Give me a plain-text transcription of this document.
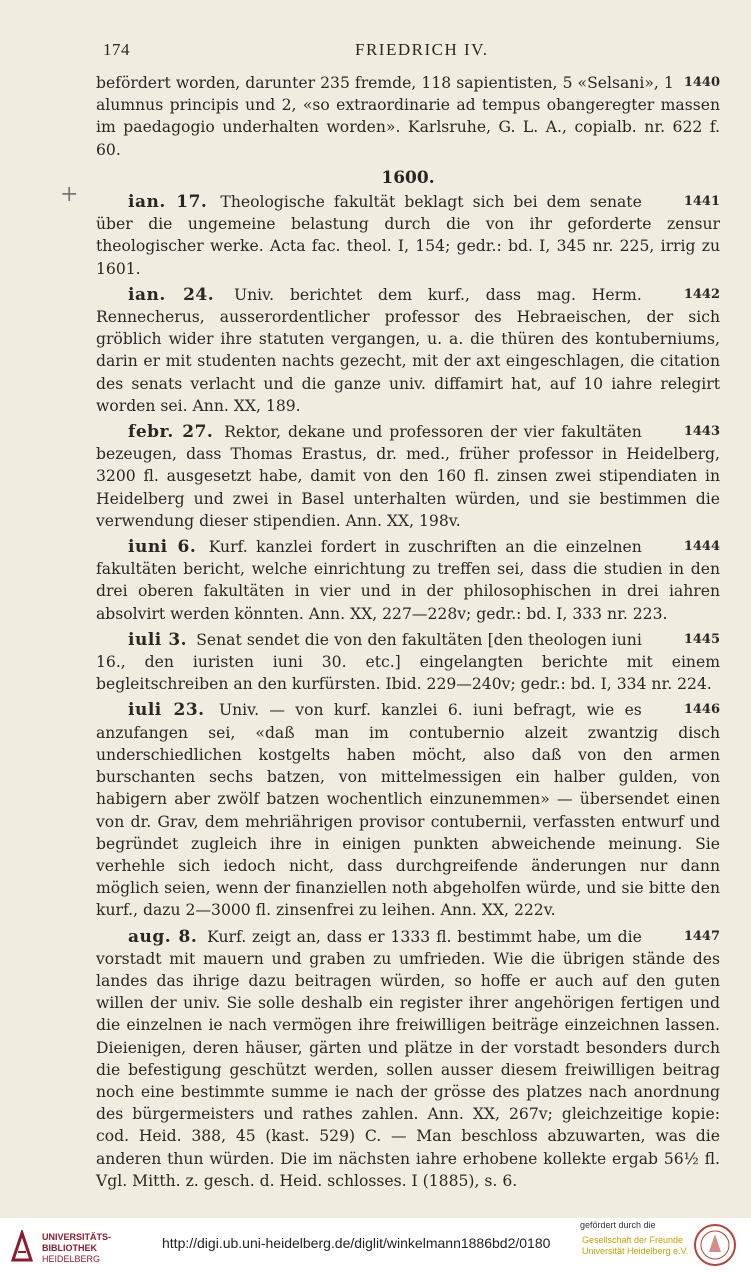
174	FRIEDRICH IV.
+

1440
befördert worden, darunter 235 fremde, 118 sapientisten, 5 «Selsani», 1 alumnus principis und 2, «so extraordinarie ad tempus obangeregter massen im paedagogio underhalten worden». Karlsruhe, G. L. A., copialb. nr. 622 f. 60.

1600.

1441
ian. 17. Theologische fakultät beklagt sich bei dem senate über die ungemeine belastung durch die von ihr geforderte zensur theologischer werke. Acta fac. theol. I, 154; gedr.: bd. I, 345 nr. 225, irrig zu 1601.

1442
ian. 24. Univ. berichtet dem kurf., dass mag. Herm. Rennecherus, ausserordentlicher professor des Hebraeischen, der sich gröblich wider ihre statuten vergangen, u. a. die thüren des kontuberniums, darin er mit studenten nachts gezecht, mit der axt eingeschlagen, die citation des senats verlacht und die ganze univ. diffamirt hat, auf 10 iahre relegirt worden sei. Ann. XX, 189.

1443
febr. 27. Rektor, dekane und professoren der vier fakultäten bezeugen, dass Thomas Erastus, dr. med., früher professor in Heidelberg, 3200 fl. ausgesetzt habe, damit von den 160 fl. zinsen zwei stipendiaten in Heidelberg und zwei in Basel unterhalten würden, und sie bestimmen die verwendung dieser stipendien. Ann. XX, 198v.

1444
iuni 6. Kurf. kanzlei fordert in zuschriften an die einzelnen fakultäten bericht, welche einrichtung zu treffen sei, dass die studien in den drei oberen fakultäten in vier und in der philosophischen in drei iahren absolvirt werden könnten. Ann. XX, 227—228v; gedr.: bd. I, 333 nr. 223.

1445
iuli 3. Senat sendet die von den fakultäten [den theologen iuni 16., den iuristen iuni 30. etc.] eingelangten berichte mit einem begleitschreiben an den kurfürsten. Ibid. 229—240v; gedr.: bd. I, 334 nr. 224.

1446
iuli 23. Univ. — von kurf. kanzlei 6. iuni befragt, wie es anzufangen sei, «daß man im contubernio alzeit zwantzig disch underschiedlichen kostgelts haben möcht, also daß von den armen burschanten sechs batzen, von mittelmessigen ein halber gulden, von habigern aber zwölf batzen wochentlich einzunemmen» — übersendet einen von dr. Grav, dem mehriährigen provisor contubernii, verfassten entwurf und begründet zugleich ihre in einigen punkten abweichende meinung. Sie verhehle sich iedoch nicht, dass durchgreifende änderungen nur dann möglich seien, wenn der finanziellen noth abgeholfen würde, und sie bitte den kurf., dazu 2—3000 fl. zinsenfrei zu leihen. Ann. XX, 222v.

1447
aug. 8. Kurf. zeigt an, dass er 1333 fl. bestimmt habe, um die vorstadt mit mauern und graben zu umfrieden. Wie die übrigen stände des landes das ihrige dazu beitragen würden, so hoffe er auch auf den guten willen der univ. Sie solle deshalb ein register ihrer angehörigen fertigen und die einzelnen ie nach vermögen ihre freiwilligen beiträge einzeichnen lassen. Dieienigen, deren häuser, gärten und plätze in der vorstadt besonders durch die befestigung geschützt werden, sollen ausser diesem freiwilligen beitrag noch eine bestimmte summe ie nach der grösse des platzes nach anordnung des bürgermeisters und rathes zahlen. Ann. XX, 267v; gleichzeitige kopie: cod. Heid. 388, 45 (kast. 529) C. — Man beschloss abzuwarten, was die anderen thun würden. Die im nächsten iahre erhobene kollekte ergab 56½ fl. Vgl. Mitth. z. gesch. d. Heid. schlosses. I (1885), s. 6.

UNIVERSITÄTS-
BIBLIOTHEK
HEIDELBERG
http://digi.ub.uni-heidelberg.de/diglit/winkelmann1886bd2/0180
gefördert durch die
Gesellschaft der Freunde
Universität Heidelberg e.V.
